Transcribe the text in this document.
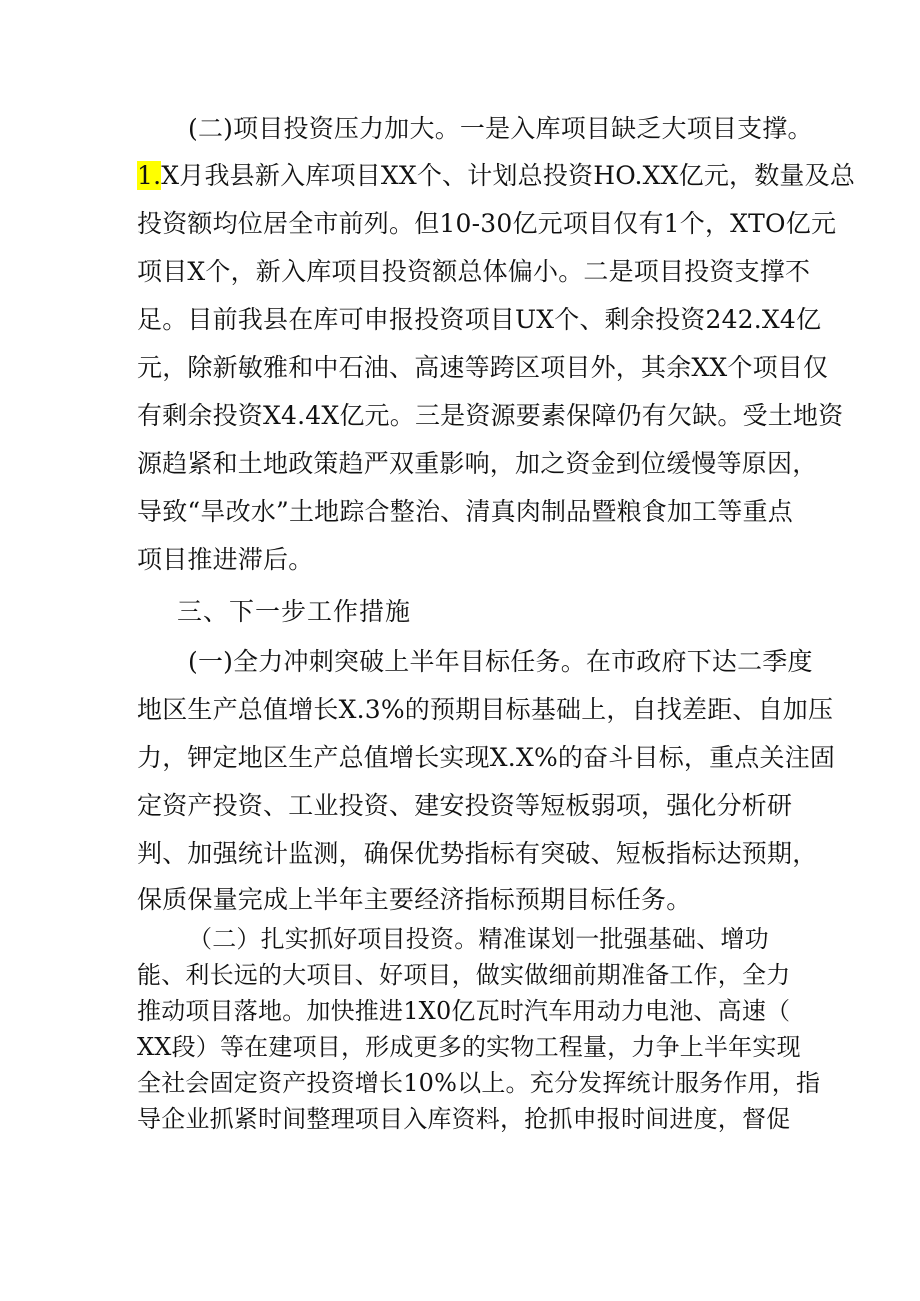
(二)项目投资压力加大。一是入库项目缺乏大项目支撑。
1.X月我县新入库项目XX个、计划总投资HO.XX亿元，数量及总
投资额均位居全市前列。但10-30亿元项目仅有1个，XTO亿元
项目X个，新入库项目投资额总体偏小。二是项目投资支撑不
足。目前我县在库可申报投资项目UX个、剩余投资242.X4亿
元，除新敏雅和中石油、高速等跨区项目外，其余XX个项目仅
有剩余投资X4.4X亿元。三是资源要素保障仍有欠缺。受土地资
源趋紧和土地政策趋严双重影响，加之资金到位缓慢等原因，
导致“旱改水”土地踪合整治、清真肉制品暨粮食加工等重点
项目推进滞后。
三、下一步工作措施
(一)全力冲刺突破上半年目标任务。在市政府下达二季度
地区生产总值增长X.3%的预期目标基础上，自找差距、自加压
力，钾定地区生产总值增长实现X.X%的奋斗目标，重点关注固
定资产投资、工业投资、建安投资等短板弱项，强化分析研
判、加强统计监测，确保优势指标有突破、短板指标达预期，
保质保量完成上半年主要经济指标预期目标任务。
（二）扎实抓好项目投资。精准谋划一批强基础、增功
能、利长远的大项目、好项目，做实做细前期准备工作，全力
推动项目落地。加快推进1X0亿瓦时汽车用动力电池、高速（
XX段）等在建项目，形成更多的实物工程量，力争上半年实现
全社会固定资产投资增长10%以上。充分发挥统计服务作用，指
导企业抓紧时间整理项目入库资料，抢抓申报时间进度，督促
